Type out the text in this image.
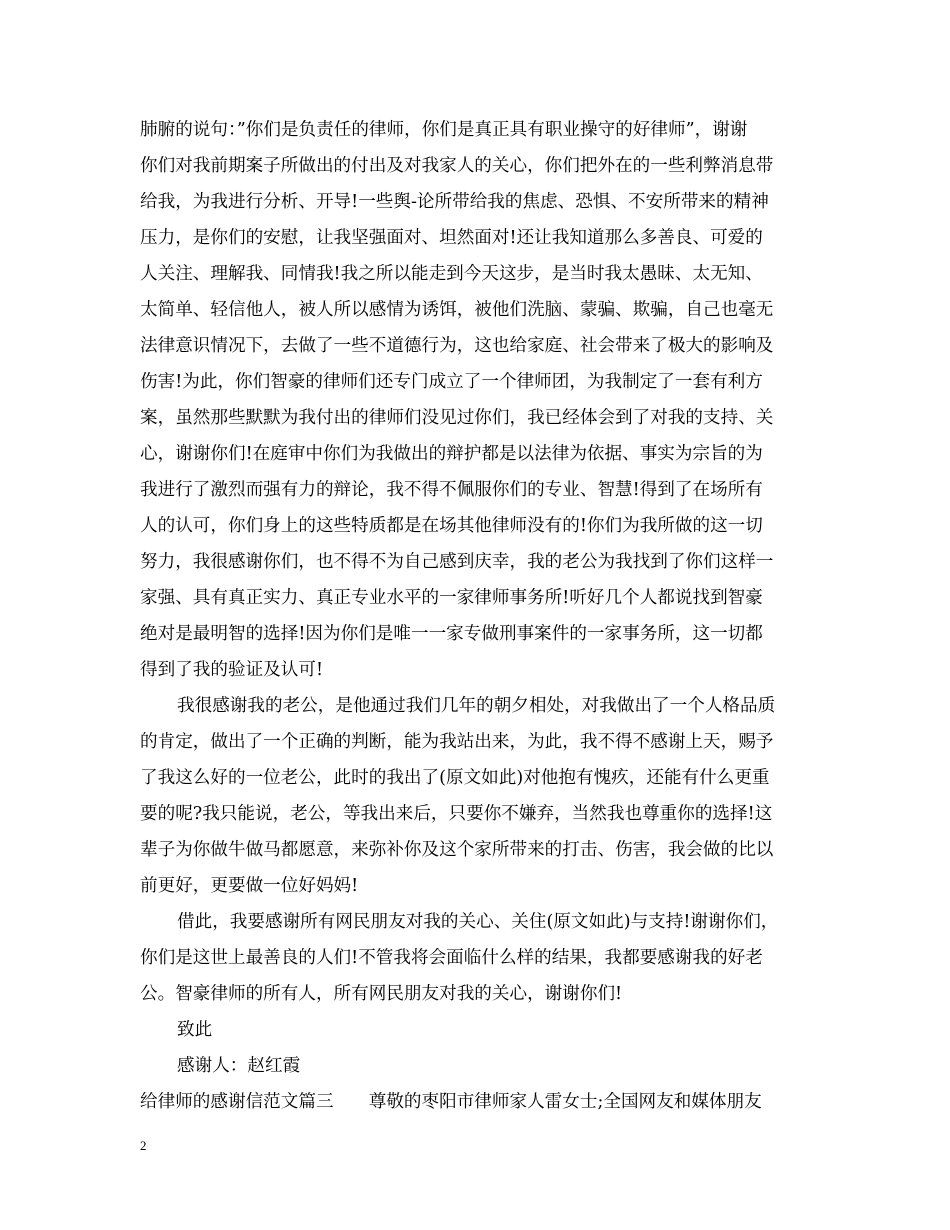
肺腑的说句：”你们是负责任的律师，你们是真正具有职业操守的好律师”，谢谢
你们对我前期案子所做出的付出及对我家人的关心，你们把外在的一些利弊消息带
给我，为我进行分析、开导!一些舆-论所带给我的焦虑、恐惧、不安所带来的精神
压力，是你们的安慰，让我坚强面对、坦然面对!还让我知道那么多善良、可爱的
人关注、理解我、同情我!我之所以能走到今天这步，是当时我太愚昧、太无知、
太简单、轻信他人，被人所以感情为诱饵，被他们洗脑、蒙骗、欺骗，自己也毫无
法律意识情况下，去做了一些不道德行为，这也给家庭、社会带来了极大的影响及
伤害!为此，你们智豪的律师们还专门成立了一个律师团，为我制定了一套有利方
案，虽然那些默默为我付出的律师们没见过你们，我已经体会到了对我的支持、关
心，谢谢你们!在庭审中你们为我做出的辩护都是以法律为依据、事实为宗旨的为
我进行了激烈而强有力的辩论，我不得不佩服你们的专业、智慧!得到了在场所有
人的认可，你们身上的这些特质都是在场其他律师没有的!你们为我所做的这一切
努力，我很感谢你们，也不得不为自己感到庆幸，我的老公为我找到了你们这样一
家强、具有真正实力、真正专业水平的一家律师事务所!听好几个人都说找到智豪
绝对是最明智的选择!因为你们是唯一一家专做刑事案件的一家事务所，这一切都
得到了我的验证及认可!
我很感谢我的老公，是他通过我们几年的朝夕相处，对我做出了一个人格品质
的肯定，做出了一个正确的判断，能为我站出来，为此，我不得不感谢上天，赐予
了我这么好的一位老公，此时的我出了(原文如此)对他抱有愧疚，还能有什么更重
要的呢?我只能说，老公，等我出来后，只要你不嫌弃，当然我也尊重你的选择!这
辈子为你做牛做马都愿意，来弥补你及这个家所带来的打击、伤害，我会做的比以
前更好，更要做一位好妈妈!
借此，我要感谢所有网民朋友对我的关心、关住(原文如此)与支持!谢谢你们，
你们是这世上最善良的人们!不管我将会面临什么样的结果，我都要感谢我的好老
公。智豪律师的所有人，所有网民朋友对我的关心，谢谢你们!
致此
感谢人：赵红霞
给律师的感谢信范文篇三　　尊敬的枣阳市律师家人雷女士;全国网友和媒体朋友
2
